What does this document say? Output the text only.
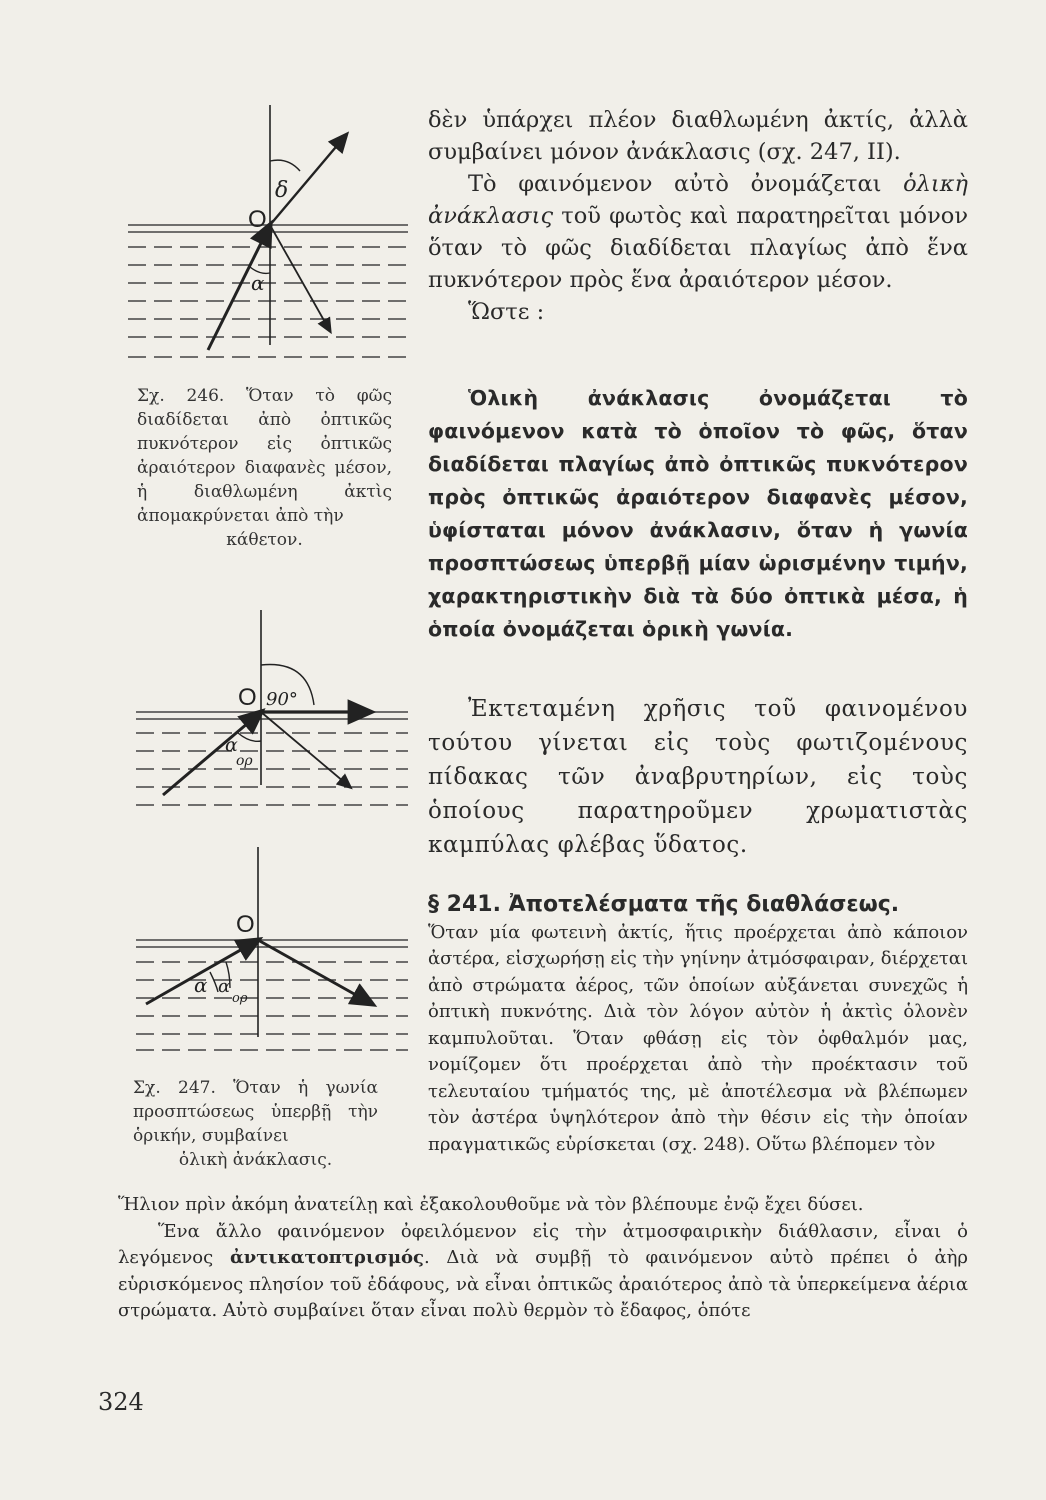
O
δ
α
Σχ. 246. Ὅταν τὸ φῶς διαδίδεται ἀπὸ ὀπτικῶς πυκνότερον εἰς ὀπτικῶς ἀραιότερον διαφανὲς μέσον, ἡ διαθλωμένη ἀκτὶς ἀπομακρύνεται ἀπὸ τὴν
κάθετον.
O 90°
α
ορ
O
α α
ορ
Σχ. 247. Ὅταν ἡ γωνία προσπτώσεως ὑπερβῇ τὴν ὁρικήν, συμβαίνει
ὁλικὴ ἀνάκλασις.

δὲν ὑπάρχει πλέον διαθλωμένη ἀκτίς, ἀλλὰ συμβαίνει μόνον ἀνάκλασις (σχ. 247, ΙΙ).

Τὸ φαινόμενον αὐτὸ ὀνομάζεται ὁλικὴ ἀνάκλασις τοῦ φωτὸς καὶ παρατηρεῖται μόνον ὅταν τὸ φῶς διαδίδεται πλαγίως ἀπὸ ἕνα πυκνότερον πρὸς ἕνα ἀραιότερον μέσον.

Ὥστε :

Ὁλικὴ ἀνάκλασις ὀνομάζεται τὸ φαινόμενον κατὰ τὸ ὁποῖον τὸ φῶς, ὅταν διαδίδεται πλαγίως ἀπὸ ὀπτικῶς πυκνότερον πρὸς ὀπτικῶς ἀραιότερον διαφανὲς μέσον, ὑφίσταται μόνον ἀνάκλασιν, ὅταν ἡ γωνία προσπτώσεως ὑπερβῇ μίαν ὡρισμένην τιμήν, χαρακτηριστικὴν διὰ τὰ δύο ὀπτικὰ μέσα, ἡ ὁποία ὀνομάζεται ὁρικὴ γωνία.

Ἐκτεταμένη χρῆσις τοῦ φαινομένου τούτου γίνεται εἰς τοὺς φωτιζομένους πίδακας τῶν ἀναβρυτηρίων, εἰς τοὺς ὁποίους παρατηροῦμεν χρωματιστὰς καμπύλας φλέβας ὕδατος.

§ 241. Ἀποτελέσματα τῆς διαθλάσεως.
Ὅταν μία φωτεινὴ ἀκτίς, ἥτις προέρχεται ἀπὸ κάποιον ἀστέρα, εἰσχωρήσῃ εἰς τὴν γηίνην ἀτμόσφαιραν, διέρχεται ἀπὸ στρώματα ἀέρος, τῶν ὁποίων αὐξάνεται συνεχῶς ἡ ὀπτικὴ πυκνότης. Διὰ τὸν λόγον αὐτὸν ἡ ἀκτὶς ὁλονὲν καμπυλοῦται. Ὅταν φθάσῃ εἰς τὸν ὀφθαλμόν μας, νομίζομεν ὅτι προέρχεται ἀπὸ τὴν προέκτασιν τοῦ τελευταίου τμήματός της, μὲ ἀποτέλεσμα νὰ βλέπωμεν τὸν ἀστέρα ὑψηλότερον ἀπὸ τὴν θέσιν εἰς τὴν ὁποίαν πραγματικῶς εὑρίσκεται (σχ. 248). Οὕτω βλέπομεν τὸν

Ἥλιον πρὶν ἀκόμη ἀνατείλῃ καὶ ἐξακολουθοῦμε νὰ τὸν βλέπουμε ἐνῷ ἔχει δύσει.
Ἕνα ἄλλο φαινόμενον ὀφειλόμενον εἰς τὴν ἀτμοσφαιρικὴν διάθλασιν, εἶναι ὁ λεγόμενος ἀντικατοπτρισμός. Διὰ νὰ συμβῇ τὸ φαινόμενον αὐτὸ πρέπει ὁ ἀὴρ εὑρισκόμενος πλησίον τοῦ ἐδάφους, νὰ εἶναι ὀπτικῶς ἀραιότερος ἀπὸ τὰ ὑπερκείμενα ἀέρια στρώματα. Αὐτὸ συμβαίνει ὅταν εἶναι πολὺ θερμὸν τὸ ἔδαφος, ὁπότε
324
